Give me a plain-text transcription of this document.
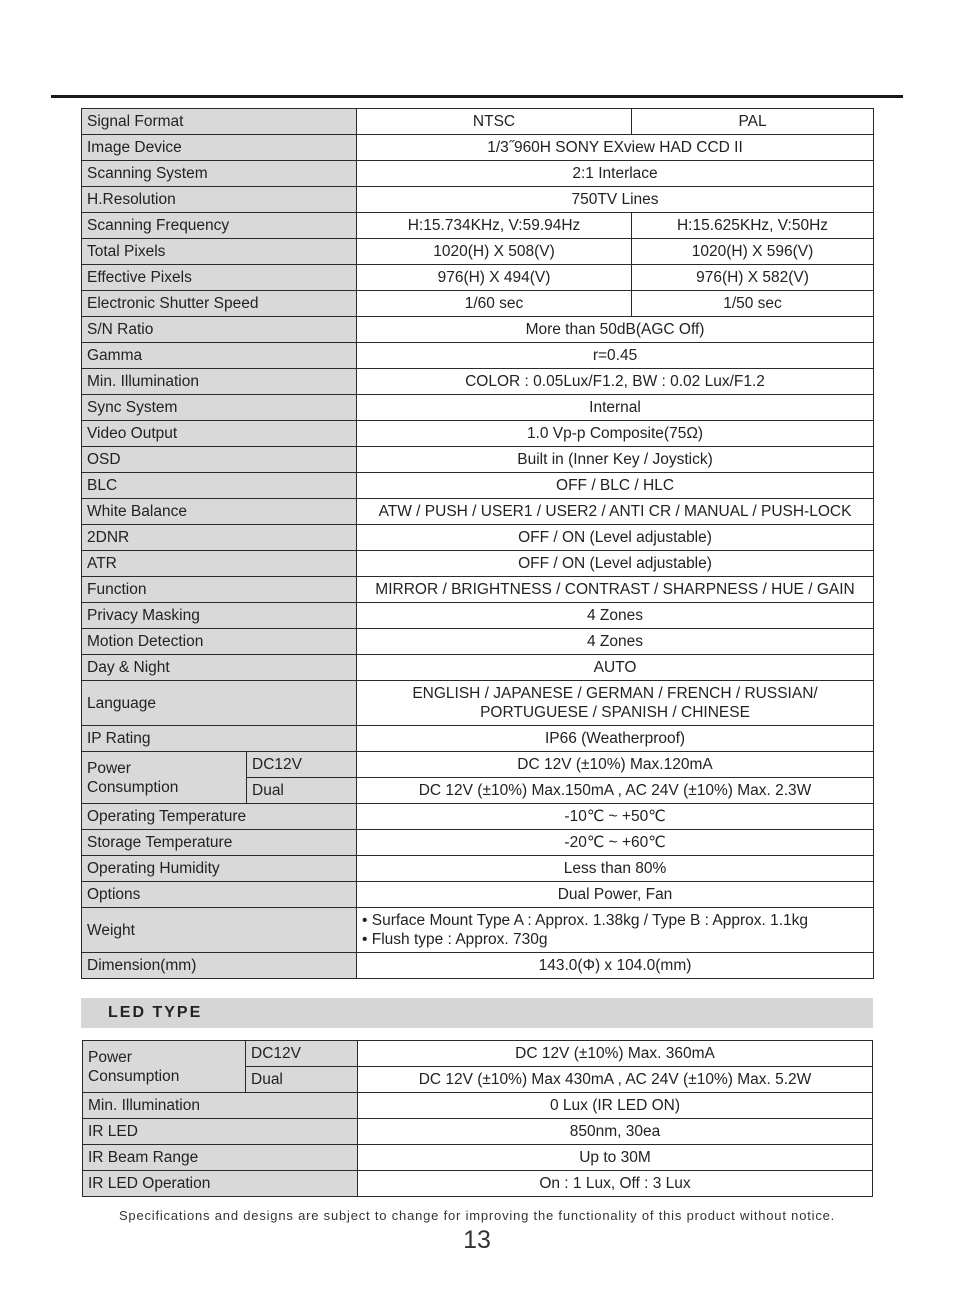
Signal Format		NTSC	PAL
Image Device		1/3˝960H SONY EXview HAD CCD II	
Scanning System		2:1 Interlace	
H.Resolution		750TV Lines	
Scanning Frequency		H:15.734KHz, V:59.94Hz	H:15.625KHz, V:50Hz
Total Pixels		1020(H) X 508(V)	1020(H) X 596(V)
Effective Pixels		976(H) X 494(V)	976(H) X 582(V)
Electronic Shutter Speed		1/60 sec	1/50 sec
S/N Ratio		More than 50dB(AGC Off)	
Gamma		r=0.45	
Min. Illumination		COLOR : 0.05Lux/F1.2, BW : 0.02 Lux/F1.2	
Sync System		Internal	
Video Output		1.0 Vp-p Composite(75Ω)	
OSD		Built in (Inner Key / Joystick)	
BLC		OFF / BLC / HLC	
White Balance		ATW / PUSH / USER1 / USER2 / ANTI CR / MANUAL / PUSH-LOCK	
2DNR		OFF / ON (Level adjustable)	
ATR		OFF / ON (Level adjustable)	
Function		MIRROR / BRIGHTNESS / CONTRAST / SHARPNESS / HUE / GAIN	
Privacy Masking		4 Zones	
Motion Detection		4 Zones	
Day & Night		AUTO	
Language		ENGLISH / JAPANESE / GERMAN / FRENCH / RUSSIAN/
PORTUGUESE / SPANISH / CHINESE	

IP Rating		IP66 (Weatherproof)	

Power
Consumption	DC12V	DC 12V (±10%) Max.120mA	
	Dual	DC 12V (±10%) Max.150mA , AC 24V (±10%) Max. 2.3W	
Operating Temperature		-10℃ ~ +50℃	
Storage Temperature		-20℃ ~ +60℃	
Operating Humidity		Less than 80%	
Options		Dual Power, Fan	
Weight		• Surface Mount Type A : Approx. 1.38kg / Type B : Approx. 1.1kg
• Flush type : Approx. 730g	

Dimension(mm)		143.0(Φ) x 104.0(mm)	
LED TYPE
Power
Consumption	DC12V	DC 12V (±10%) Max. 360mA
	Dual	DC 12V (±10%) Max 430mA , AC 24V (±10%) Max. 5.2W
Min. Illumination		0 Lux (IR LED ON)
IR LED		850nm, 30ea
IR Beam Range		Up to 30M
IR LED Operation		On : 1 Lux, Off : 3 Lux
Specifications and designs are subject to change for improving the functionality of this product without notice.
13
